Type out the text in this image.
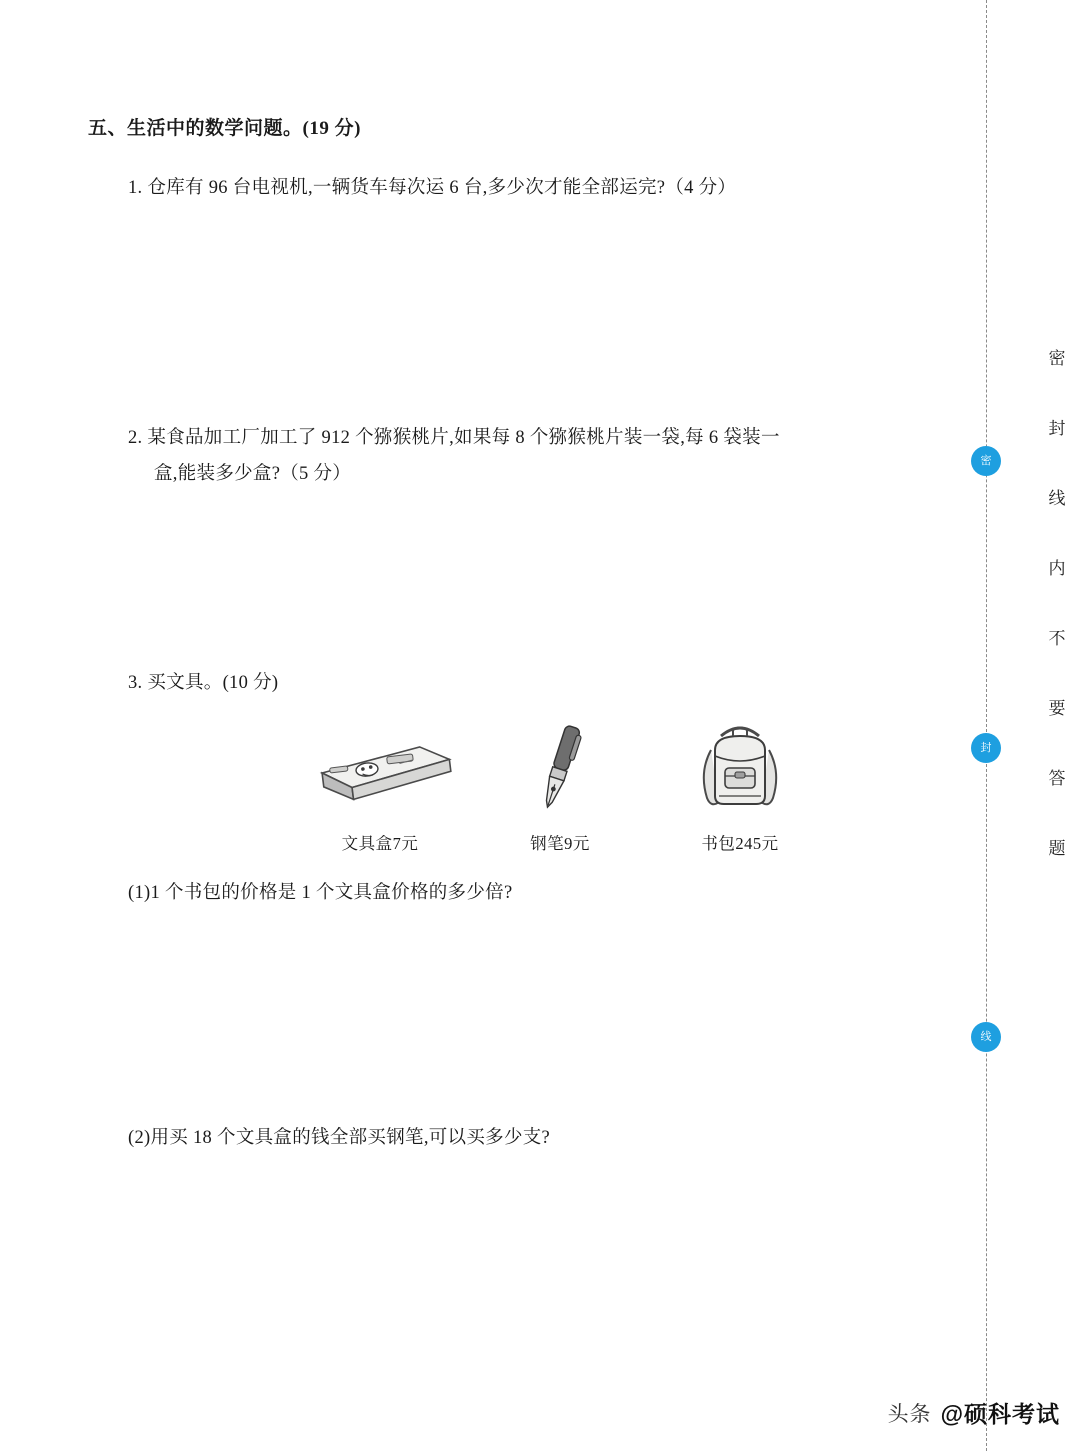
五、生活中的数学问题。(19 分)
1. 仓库有 96 台电视机,一辆货车每次运 6 台,多少次才能全部运完?（4 分）
2. 某食品加工厂加工了 912 个猕猴桃片,如果每 8 个猕猴桃片装一袋,每 6 袋装一
盒,能装多少盒?（5 分）
3. 买文具。(10 分)
文具盒7元	钢笔9元	书包245元
(1)1 个书包的价格是 1 个文具盒价格的多少倍?
(2)用买 18 个文具盒的钱全部买钢笔,可以买多少支?
密
封
线
密
封
线
内
不
要
答
题
头条 @硕科考试
